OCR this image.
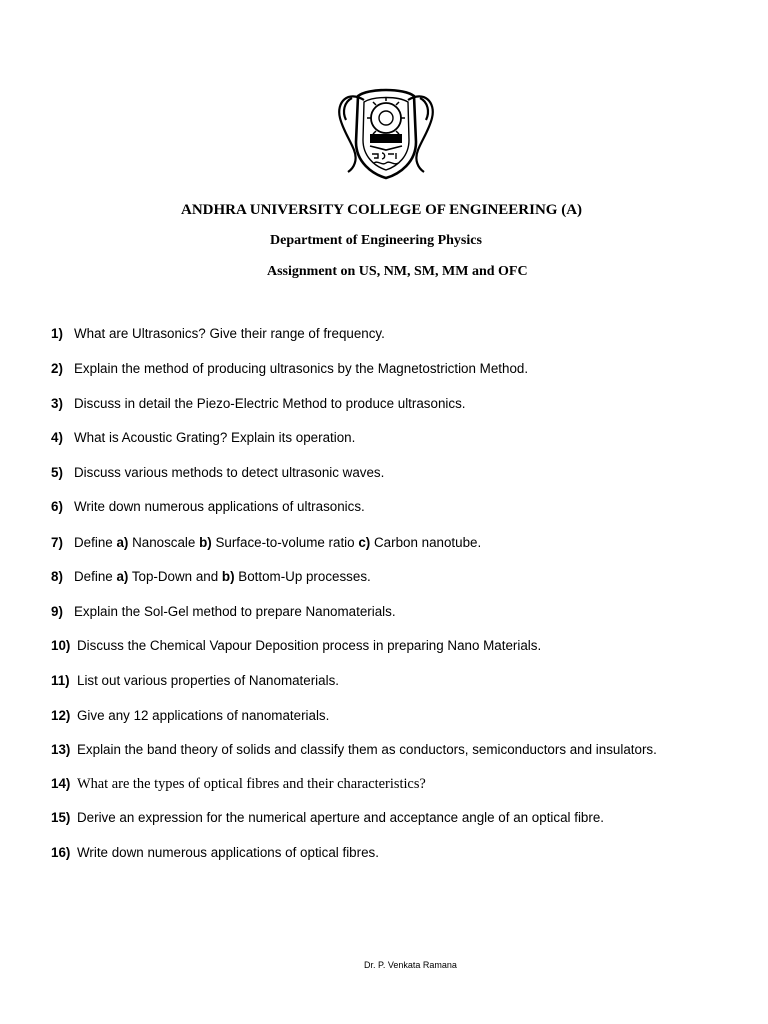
ANDHRA UNIVERSITY COLLEGE OF ENGINEERING (A)
Department of Engineering Physics
Assignment on US, NM, SM, MM and OFC
1) What are Ultrasonics? Give their range of frequency.
2) Explain the method of producing ultrasonics by the Magnetostriction Method.
3) Discuss in detail the Piezo-Electric Method to produce ultrasonics.
4) What is Acoustic Grating? Explain its operation.
5) Discuss various methods to detect ultrasonic waves.
6) Write down numerous applications of ultrasonics.
7) Define a) Nanoscale b) Surface-to-volume ratio c) Carbon nanotube.
8) Define a) Top-Down and b) Bottom-Up processes.
9) Explain the Sol-Gel method to prepare Nanomaterials.
10) Discuss the Chemical Vapour Deposition process in preparing Nano Materials.
11) List out various properties of Nanomaterials.
12) Give any 12 applications of nanomaterials.
13) Explain the band theory of solids and classify them as conductors, semiconductors and insulators.
14) What are the types of optical fibres and their characteristics?
15) Derive an expression for the numerical aperture and acceptance angle of an optical fibre.
16) Write down numerous applications of optical fibres.
Dr. P. Venkata Ramana
